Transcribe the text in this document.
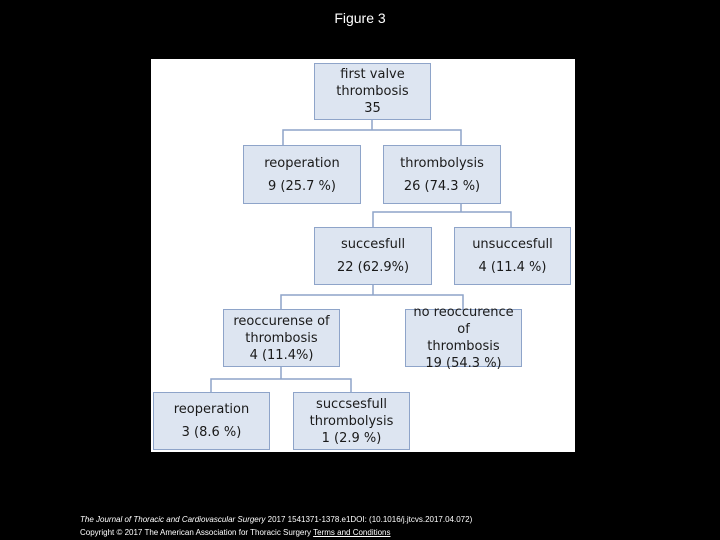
Figure 3
first valve
thrombosis
35
reoperation
9 (25.7 %)
thrombolysis
26 (74.3 %)
succesfull
22 (62.9%)
unsuccesfull
4 (11.4 %)
reoccurense of
thrombosis
4 (11.4%)
no reoccurence of
thrombosis
19 (54.3 %)
reoperation
3 (8.6 %)
succsesfull
thrombolysis
1 (2.9 %)
The Journal of Thoracic and Cardiovascular Surgery 2017 1541371-1378.e1DOI: (10.1016/j.jtcvs.2017.04.072)
Copyright © 2017 The American Association for Thoracic Surgery Terms and Conditions
